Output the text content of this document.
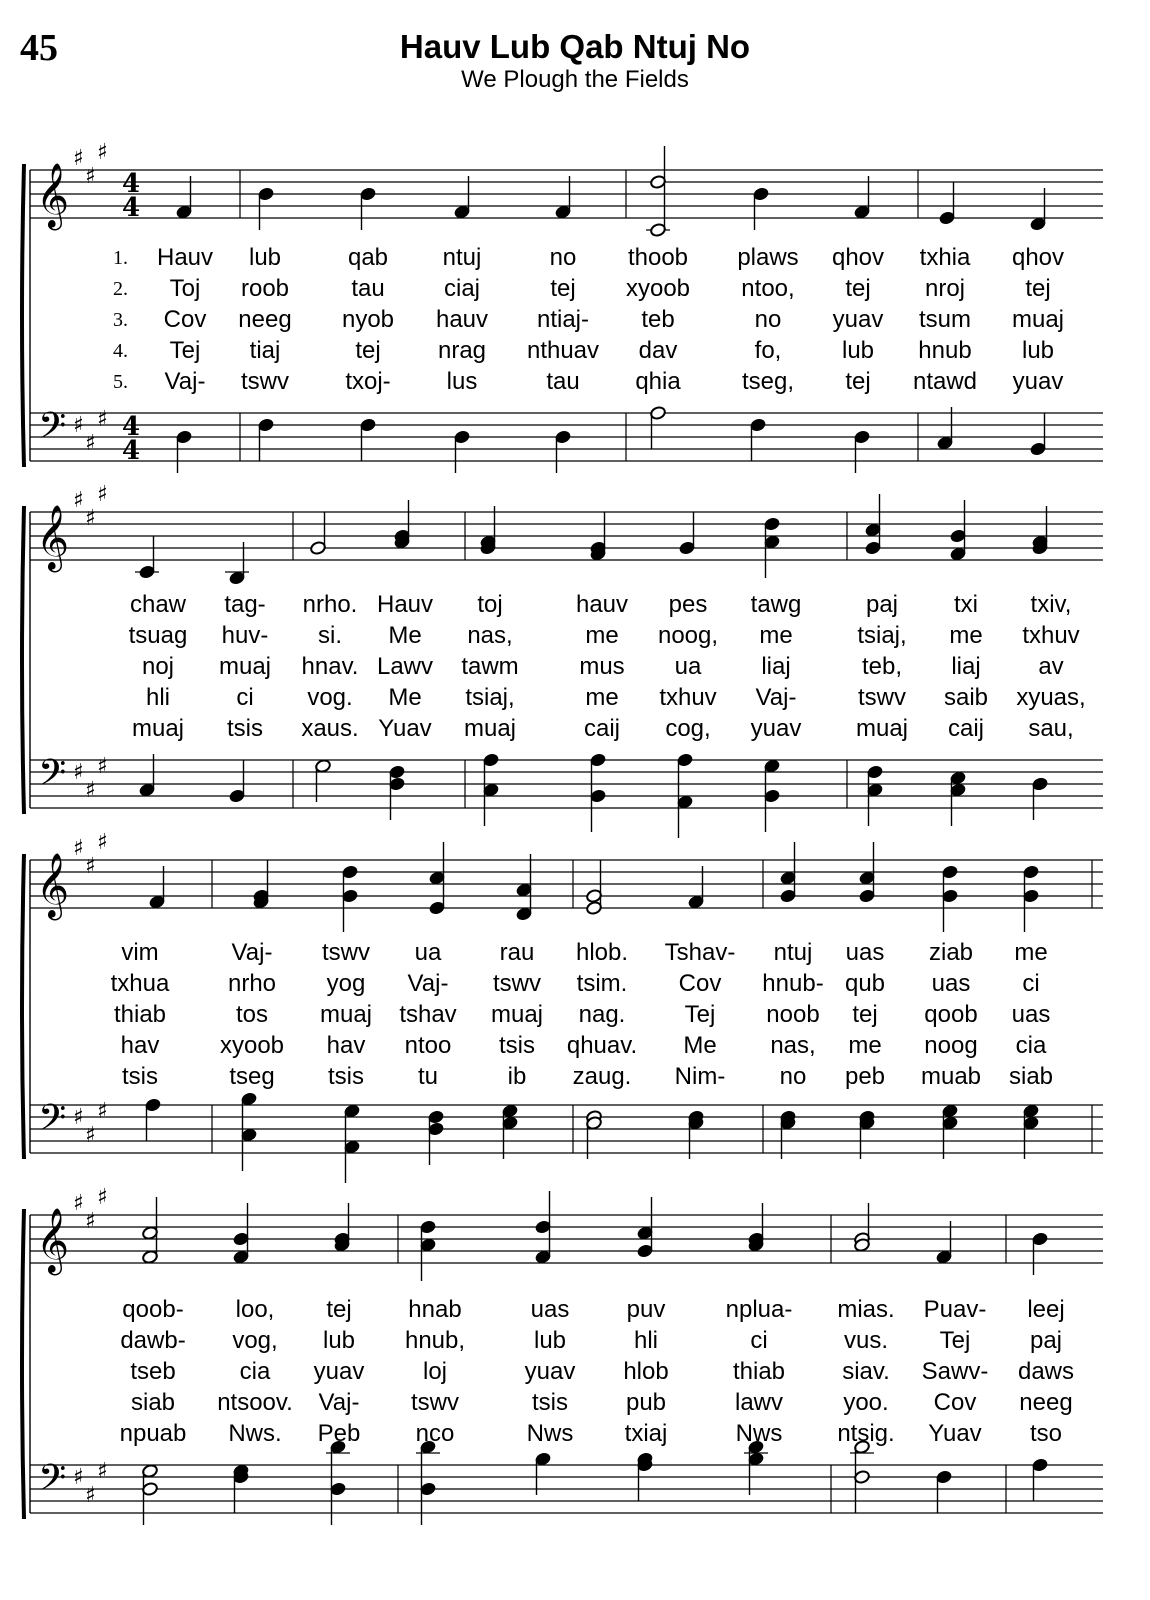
45	Hauv Lub Qab Ntuj No
We Plough the Fields
𝄞
𝄢
♯
♯
♯
♯
♯
♯
4
4
4
4
𝄞
𝄢
♯
♯
♯
♯
♯
♯
𝄞
𝄢
♯
♯
♯
♯
♯
♯
𝄞
𝄢
♯
♯
♯
♯
♯
♯
1. Hauv lub	qab ntuj	no thoob plaws qhov txhia qhov
2. Toj roob	tau ciaj	tej xyoob ntoo, tej nroj	tej
3. Cov neeg nyob hauv ntiaj- teb	no yuav tsum muaj
4. Tej tiaj	tej nrag nthuav dav	fo,	lub hnub lub
5. Vaj- tswv txoj- lus	tau qhia	tseg, tej ntawd yuav
chaw tag- nrho. Hauv toj	hauv pes tawg	paj txi txiv,
tsuag huv- si. Me nas,	me noog, me	tsiaj, me txhuv
noj muaj hnav. Lawv tawm	mus ua liaj	teb, liaj av
hli	ci vog. Me tsiaj,	me txhuv Vaj-	tswv saib xyuas,
muaj tsis xaus. Yuav muaj	caij cog, yuav muaj caij sau,
vim	Vaj- tswv ua rau hlob. Tshav- ntuj uas ziab me
txhua nrho yog Vaj- tswv tsim. Cov hnub- qub uas ci
thiab	tos muaj tshav muaj nag. Tej noob tej qoob uas
hav	xyoob hav ntoo tsis qhuav. Me nas, me noog cia
tsis	tseg tsis tu	ib zaug. Nim- no peb muab siab
qoob- loo, tej hnab	uas puv	nplua- mias. Puav- leej
dawb- vog, lub hnub,	lub	hli	ci	vus. Tej paj
tseb	cia yuav loj	yuav hlob	thiab siav. Sawv- daws
siab ntsoov. Vaj- tswv	tsis pub	lawv	yoo. Cov neeg
npuab Nws. Peb nco	Nws txiaj	Nws ntsig. Yuav tso
